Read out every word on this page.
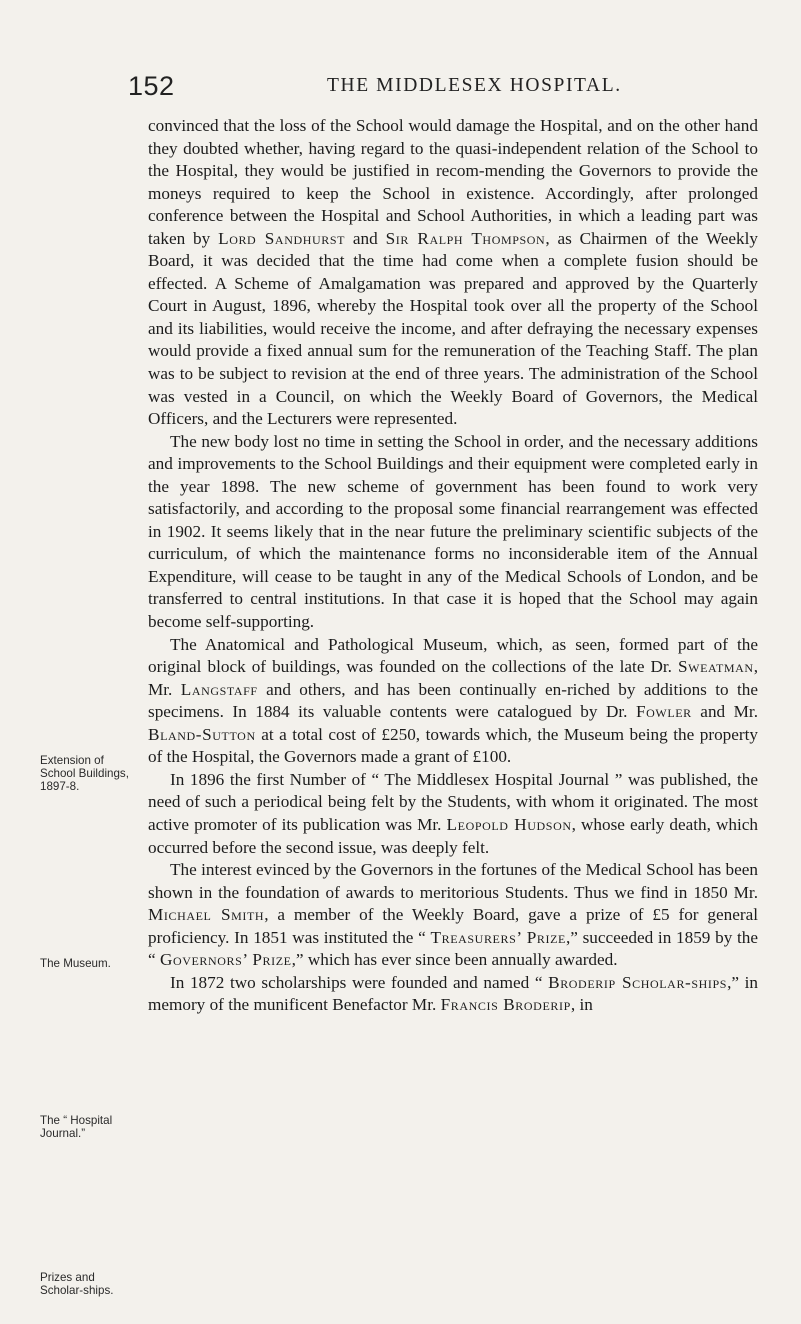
152	THE MIDDLESEX HOSPITAL.
Extension of School Buildings, 1897-8.
The Museum.
The “ Hospital Journal.”
Prizes and Scholar-ships.

convinced that the loss of the School would damage the Hospital, and on the other hand they doubted whether, having regard to the quasi-independent relation of the School to the Hospital, they would be justified in recom-mending the Governors to provide the moneys required to keep the School in existence. Accordingly, after prolonged conference between the Hospital and School Authorities, in which a leading part was taken by Lord Sandhurst and Sir Ralph Thompson, as Chairmen of the Weekly Board, it was decided that the time had come when a complete fusion should be effected. A Scheme of Amalgamation was prepared and approved by the Quarterly Court in August, 1896, whereby the Hospital took over all the property of the School and its liabilities, would receive the income, and after defraying the necessary expenses would provide a fixed annual sum for the remuneration of the Teaching Staff. The plan was to be subject to revision at the end of three years. The administration of the School was vested in a Council, on which the Weekly Board of Governors, the Medical Officers, and the Lecturers were represented.

The new body lost no time in setting the School in order, and the necessary additions and improvements to the School Buildings and their equipment were completed early in the year 1898. The new scheme of government has been found to work very satisfactorily, and according to the proposal some financial rearrangement was effected in 1902. It seems likely that in the near future the preliminary scientific subjects of the curriculum, of which the maintenance forms no inconsiderable item of the Annual Expenditure, will cease to be taught in any of the Medical Schools of London, and be transferred to central institutions. In that case it is hoped that the School may again become self-supporting.

The Anatomical and Pathological Museum, which, as seen, formed part of the original block of buildings, was founded on the collections of the late Dr. Sweatman, Mr. Langstaff and others, and has been continually en-riched by additions to the specimens. In 1884 its valuable contents were catalogued by Dr. Fowler and Mr. Bland-Sutton at a total cost of £250, towards which, the Museum being the property of the Hospital, the Governors made a grant of £100.

In 1896 the first Number of “ The Middlesex Hospital Journal ” was published, the need of such a periodical being felt by the Students, with whom it originated. The most active promoter of its publication was Mr. Leopold Hudson, whose early death, which occurred before the second issue, was deeply felt.

The interest evinced by the Governors in the fortunes of the Medical School has been shown in the foundation of awards to meritorious Students. Thus we find in 1850 Mr. Michael Smith, a member of the Weekly Board, gave a prize of £5 for general proficiency. In 1851 was instituted the “ Treasurers’ Prize,” succeeded in 1859 by the “ Governors’ Prize,” which has ever since been annually awarded.

In 1872 two scholarships were founded and named “ Broderip Scholar-ships,” in memory of the munificent Benefactor Mr. Francis Broderip, in
